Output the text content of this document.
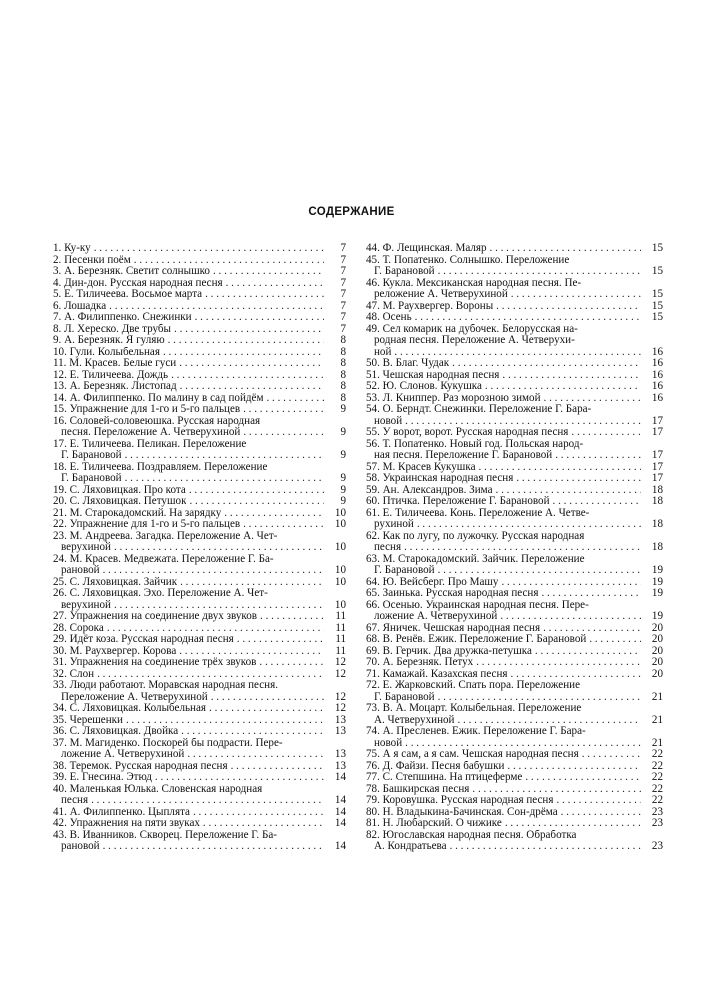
СОДЕРЖАНИЕ
1. Ку-ку . . .	7
2. Песенки поём . . .	7
3. А. Березняк. Светит солнышко . . .	7
4. Дин-дон. Русская народная песня . . .	7
5. Е. Тиличеева. Восьмое марта . . .	7
6. Лошадка . . .	7
7. А. Филиппенко. Снежинки . . .	7
8. Л. Хереско. Две трубы . . .	7
9. А. Березняк. Я гуляю . . .	8
10. Гули. Колыбельная . . .	8
11. М. Красев. Белые гуси . . .	8
12. Е. Тиличеева. Дождь . . .	8
13. А. Березняк. Листопад . . .	8
14. А. Филиппенко. По малину в сад пойдём . . .	8
15. Упражнение для 1-го и 5-го пальцев . . .	9
16. Соловей-соловеюшка. Русская народная
песня. Переложение А. Четверухиной . . .	9
17. Е. Тиличеева. Пеликан. Переложение
Г. Барановой . . .	9
18. Е. Тиличеева. Поздравляем. Переложение
Г. Барановой . . .	9
19. С. Ляховицкая. Про кота . . .	9
20. С. Ляховицкая. Петушок . . .	9
21. М. Старокадомский. На зарядку . . .	10
22. Упражнение для 1-го и 5-го пальцев . . .	10
23. М. Андреева. Загадка. Переложение А. Чет-
верухиной . . .	10
24. М. Красев. Медвежата. Переложение Г. Ба-
рановой . . .	10
25. С. Ляховицкая. Зайчик . . .	10
26. С. Ляховицкая. Эхо. Переложение А. Чет-
верухиной . . .	10
27. Упражнения на соединение двух звуков . . .	11
28. Сорока . . .	11
29. Идёт коза. Русская народная песня . . .	11
30. М. Раухвергер. Корова . . .	11
31. Упражнения на соединение трёх звуков . . .	12
32. Слон . . .	12
33. Люди работают. Моравская народная песня.
Переложение А. Четверухиной . . .	12
34. С. Ляховицкая. Колыбельная . . .	12
35. Черешенки . . .	13
36. С. Ляховицкая. Двойка . . .	13
37. М. Магиденко. Поскорей бы подрасти. Пере-
ложение А. Четверухиной . . .	13
38. Теремок. Русская народная песня . . .	13
39. Е. Гнесина. Этюд . . .	14
40. Маленькая Юлька. Словенская народная
песня . . .	14
41. А. Филиппенко. Цыплята . . .	14
42. Упражнения на пяти звуках . . .	14
43. В. Иванников. Скворец. Переложение Г. Ба-
рановой . . .	14
44. Ф. Лещинская. Маляр . . .	15
45. Т. Попатенко. Солнышко. Переложение
Г. Барановой . . .	15
46. Кукла. Мексиканская народная песня. Пе-
реложение А. Четверухиной . . .	15
47. М. Раухвергер. Вороны . . .	15
48. Осень . . .	15
49. Сел комарик на дубочек. Белорусская на-
родная песня. Переложение А. Четверухи-
ной . . .	16
50. В. Благ. Чудак . . .	16
51. Чешская народная песня . . .	16
52. Ю. Слонов. Кукушка . . .	16
53. Л. Книппер. Раз морозною зимой . . .	16
54. О. Берндт. Снежинки. Переложение Г. Бара-
новой . . .	17
55. У ворот, ворот. Русская народная песня . . .	17
56. Т. Попатенко. Новый год. Польская народ-
ная песня. Переложение Г. Барановой . . .	17
57. М. Красев Кукушка . . .	17
58. Украинская народная песня . . .	17
59. Ан. Александров. Зима . . .	18
60. Птичка. Переложение Г. Барановой . . .	18
61. Е. Тиличеева. Конь. Переложение А. Четве-
рухиной . . .	18
62. Как по лугу, по лужочку. Русская народная
песня . . .	18
63. М. Старокадомский. Зайчик. Переложение
Г. Барановой . . .	19
64. Ю. Вейсберг. Про Машу . . .	19
65. Заинька. Русская народная песня . . .	19
66. Осенью. Украинская народная песня. Пере-
ложение А. Четверухиной . . .	19
67. Яничек. Чешская народная песня . . .	20
68. В. Ренёв. Ёжик. Переложение Г. Барановой . . .	20
69. В. Герчик. Два дружка-петушка . . .	20
70. А. Березняк. Петух . . .	20
71. Камажай. Казахская песня . . .	20
72. Е. Жарковский. Спать пора. Переложение
Г. Барановой . . .	21
73. В. А. Моцарт. Колыбельная. Переложение
А. Четверухиной . . .	21
74. А. Пресленев. Ёжик. Переложение Г. Бара-
новой . . .	21
75. А я сам, а я сам. Чешская народная песня . . .	22
76. Д. Файзи. Песня бабушки . . .	22
77. С. Степшина. На птицеферме . . .	22
78. Башкирская песня . . .	22
79. Коровушка. Русская народная песня . . .	22
80. Н. Владыкина-Бачинская. Сон-дрёма . . .	23
81. Н. Любарский. О чижике . . .	23
82. Югославская народная песня. Обработка
А. Кондратьева . . .	23
